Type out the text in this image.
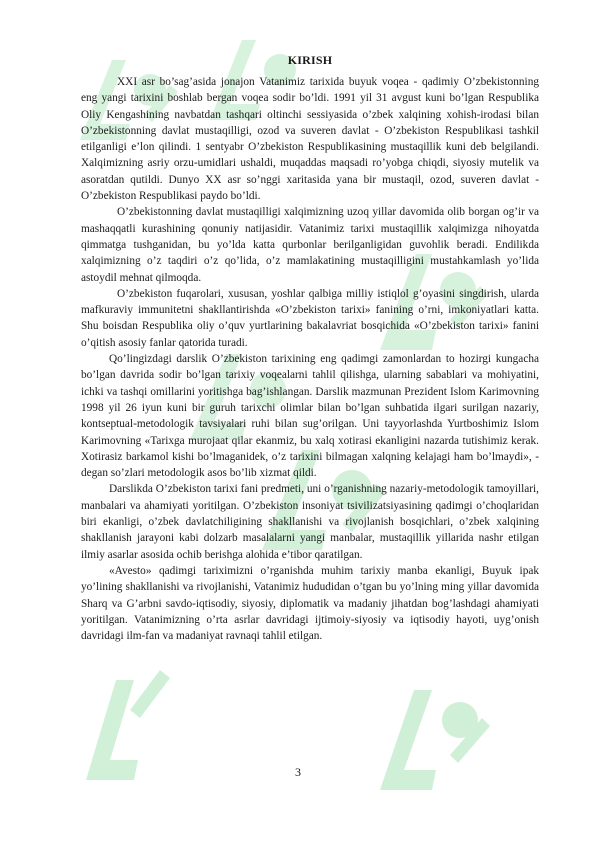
KIRISH

XXI asr bo’sag’asida jonajon Vatanimiz tarixida buyuk voqea - qadimiy O’zbekistonning eng yangi tarixini boshlab bergan voqea sodir bo’ldi. 1991 yil 31 avgust kuni bo’lgan Respublika Oliy Kengashining navbatdan tashqari oltinchi sessiyasida o’zbek xalqining xohish-irodasi bilan O’zbekistonning davlat mustaqilligi, ozod va suveren davlat - O’zbekiston Respublikasi tashkil etilganligi e’lon qilindi. 1 sentyabr O’zbekiston Respublikasining mustaqillik kuni deb belgilandi. Xalqimizning asriy orzu-umidlari ushaldi, muqaddas maqsadi ro’yobga chiqdi, siyosiy mutelik va asoratdan qutildi. Dunyo XX asr so’nggi xaritasida yana bir mustaqil, ozod, suveren davlat - O’zbekiston Respublikasi paydo bo’ldi.

O’zbekistonning davlat mustaqilligi xalqimizning uzoq yillar davomida olib borgan og’ir va mashaqqatli kurashining qonuniy natijasidir. Vatanimiz tarixi mustaqillik xalqimizga nihoyatda qimmatga tushganidan, bu yo’lda katta qurbonlar berilganligidan guvohlik beradi. Endilikda xalqimizning o’z taqdiri o’z qo’lida, o’z mamlakatining mustaqilligini mustahkamlash yo’lida astoydil mehnat qilmoqda.

O’zbekiston fuqarolari, xususan, yoshlar qalbiga milliy istiqlol g’oyasini singdirish, ularda mafkuraviy immunitetni shakllantirishda «O’zbekiston tarixi» fanining o’rni, imkoniyatlari katta. Shu boisdan Respublika oliy o’quv yurtlarining bakalavriat bosqichida «O’zbekiston tarixi» fanini o’qitish asosiy fanlar qatorida turadi.

Qo’lingizdagi darslik O’zbekiston tarixining eng qadimgi zamonlardan to hozirgi kungacha bo’lgan davrida sodir bo’lgan tarixiy voqealarni tahlil qilishga, ularning sabablari va mohiyatini, ichki va tashqi omillarini yoritishga bag’ishlangan. Darslik mazmunan Prezident Islom Karimovning 1998 yil 26 iyun kuni bir guruh tarixchi olimlar bilan bo’lgan suhbatida ilgari surilgan nazariy, kontseptual-metodologik tavsiyalari ruhi bilan sug’orilgan. Uni tayyorlashda Yurtboshimiz Islom Karimovning «Tarixga murojaat qilar ekanmiz, bu xalq xotirasi ekanligini nazarda tutishimiz kerak. Xotirasiz barkamol kishi bo’lmaganidek, o’z tarixini bilmagan xalqning kelajagi ham bo’lmaydi», - degan so’zlari metodologik asos bo’lib xizmat qildi.

Darslikda O’zbekiston tarixi fani predmeti, uni o’rganishning nazariy-metodologik tamoyillari, manbalari va ahamiyati yoritilgan. O’zbekiston insoniyat tsivilizatsiyasining qadimgi o’choqlaridan biri ekanligi, o’zbek davlatchiligining shakllanishi va rivojlanish bosqichlari, o’zbek xalqining shakllanish jarayoni kabi dolzarb masalalarni yangi manbalar, mustaqillik yillarida nashr etilgan ilmiy asarlar asosida ochib berishga alohida e’tibor qaratilgan.

«Avesto» qadimgi tariximizni o’rganishda muhim tarixiy manba ekanligi, Buyuk ipak yo’lining shakllanishi va rivojlanishi, Vatanimiz hududidan o’tgan bu yo’lning ming yillar davomida Sharq va G’arbni savdo-iqtisodiy, siyosiy, diplomatik va madaniy jihatdan bog’lashdagi ahamiyati yoritilgan. Vatanimizning o’rta asrlar davridagi ijtimoiy-siyosiy va iqtisodiy hayoti, uyg’onish davridagi ilm-fan va madaniyat ravnaqi tahlil etilgan.

3
